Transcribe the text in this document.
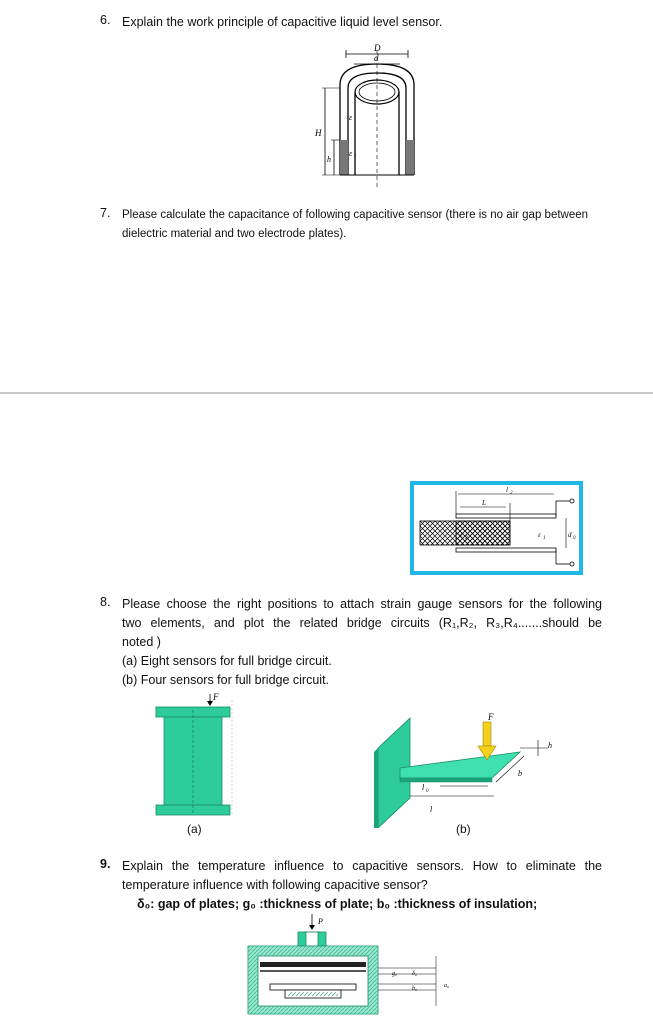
6. Explain the work principle of capacitive liquid level sensor.
D
d
H
h
ε
ε 1
7.	Please calculate the capacitance of following capacitive sensor (there is no air gap between
dielectric material and two electrode plates).
L
l 2
ε 2	ε 1	d 0
8. Please choose the right positions to attach strain gauge sensors for the following
two elements, and plot the related bridge circuits (R₁,R₂, R₃,R₄.......should be
noted )
(a) Eight sensors for full bridge circuit.
(b) Four sensors for full bridge circuit.
F
(a)
F
h
b
l 0
l
(b)
9. Explain the temperature influence to capacitive sensors. How to eliminate the
temperature influence with following capacitive sensor?
δ₀: gap of plates; g₀ :thickness of plate; b₀ :thickness of insulation;
P
g₀ δ₀
b₀	a₀
